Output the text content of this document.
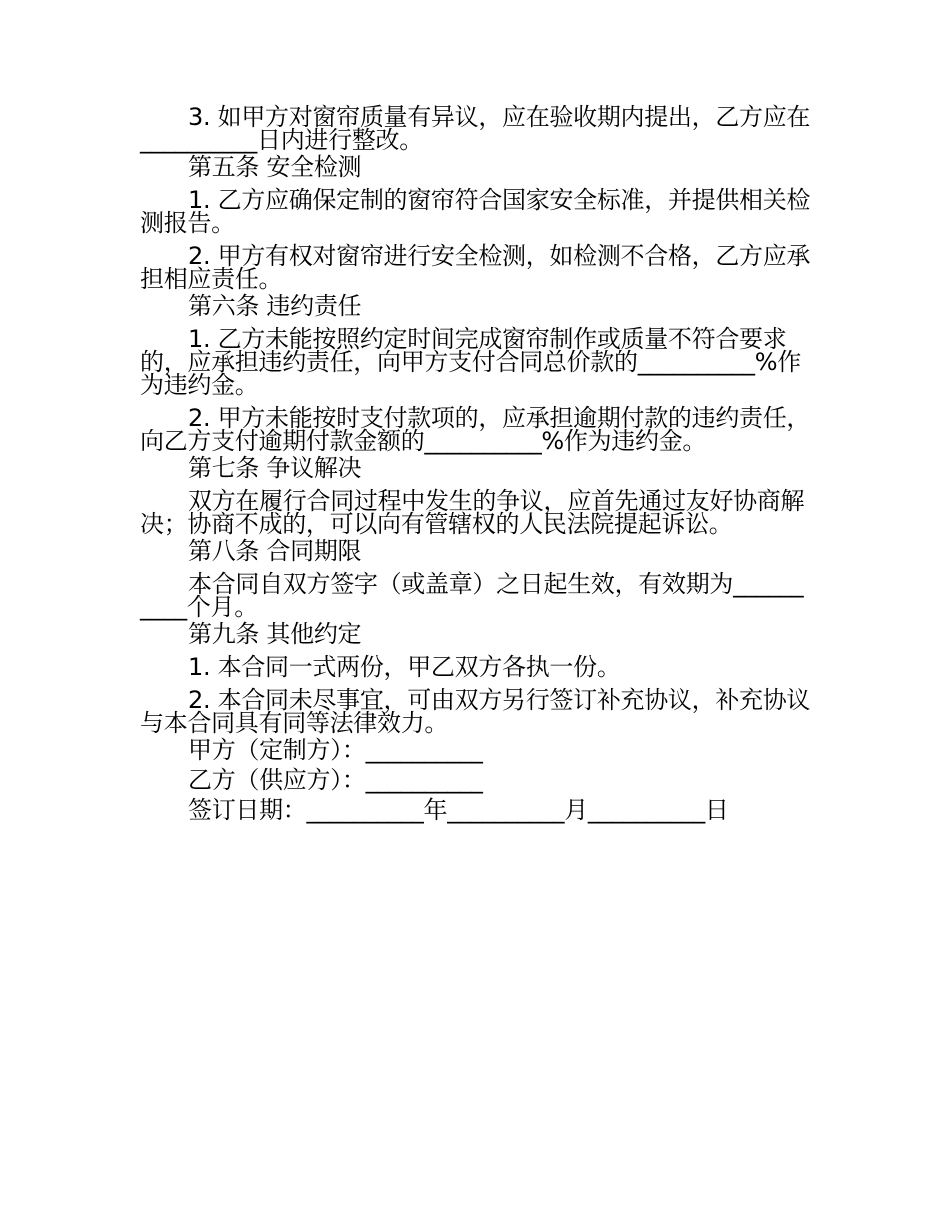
3. 如甲方对窗帘质量有异议，应在验收期内提出，乙方应在__________日内进行整改。

第五条 安全检测

1. 乙方应确保定制的窗帘符合国家安全标准，并提供相关检测报告。

2. 甲方有权对窗帘进行安全检测，如检测不合格，乙方应承担相应责任。

第六条 违约责任

1. 乙方未能按照约定时间完成窗帘制作或质量不符合要求的，应承担违约责任，向甲方支付合同总价款的__________%作为违约金。

2. 甲方未能按时支付款项的，应承担逾期付款的违约责任，向乙方支付逾期付款金额的__________%作为违约金。

第七条 争议解决

双方在履行合同过程中发生的争议，应首先通过友好协商解决；协商不成的，可以向有管辖权的人民法院提起诉讼。

第八条 合同期限

本合同自双方签字（或盖章）之日起生效，有效期为__________个月。

第九条 其他约定

1. 本合同一式两份，甲乙双方各执一份。

2. 本合同未尽事宜，可由双方另行签订补充协议，补充协议与本合同具有同等法律效力。

甲方（定制方）：__________

乙方（供应方）：__________

签订日期：__________年__________月__________日
